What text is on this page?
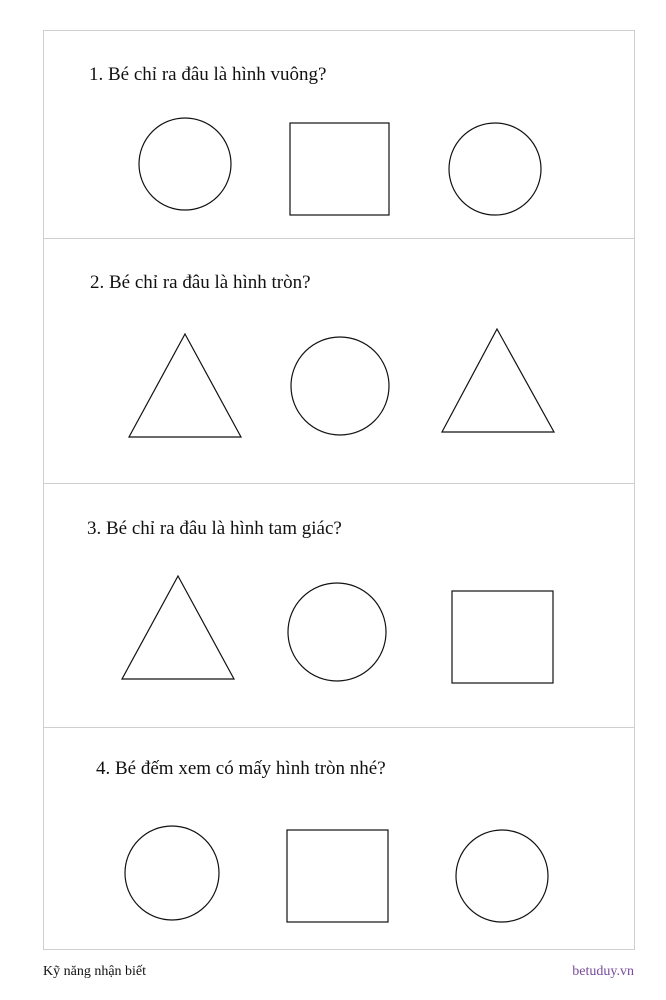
1. Bé chỉ ra đâu là hình vuông?
2. Bé chỉ ra đâu là hình tròn?
3. Bé chỉ ra đâu là hình tam giác?
4. Bé đếm xem có mấy hình tròn nhé?
Kỹ năng nhận biết	betuduy.vn
